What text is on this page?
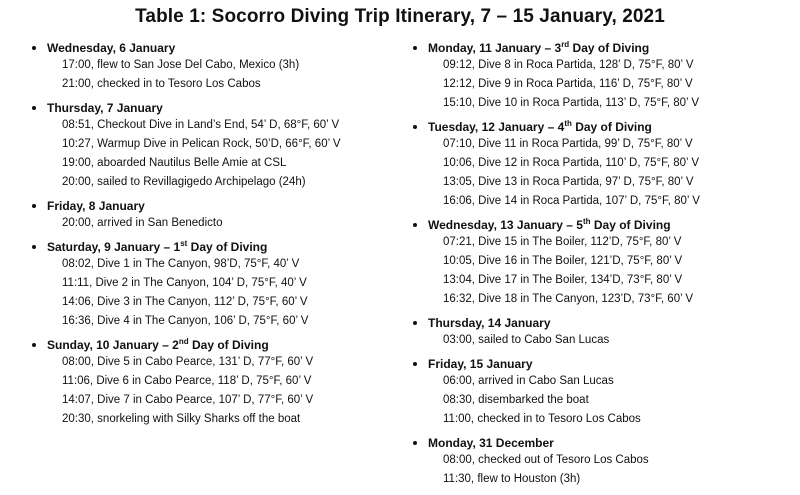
Table 1: Socorro Diving Trip Itinerary, 7 – 15 January, 2021
Wednesday, 6 January
17:00, flew to San Jose Del Cabo, Mexico (3h)
21:00, checked in to Tesoro Los Cabos
Thursday, 7 January
08:51, Checkout Dive in Land’s End, 54’ D, 68°F, 60’ V
10:27, Warmup Dive in Pelican Rock, 50’D, 66°F, 60’ V
19:00, aboarded Nautilus Belle Amie at CSL
20:00, sailed to Revillagigedo Archipelago (24h)
Friday, 8 January
20:00, arrived in San Benedicto
Saturday, 9 January – 1st Day of Diving
08:02, Dive 1 in The Canyon, 98’D, 75°F, 40’ V
11:11, Dive 2 in The Canyon, 104’ D, 75°F, 40’ V
14:06, Dive 3 in The Canyon, 112’ D, 75°F, 60’ V
16:36, Dive 4 in The Canyon, 106’ D, 75°F, 60’ V
Sunday, 10 January – 2nd Day of Diving
08:00, Dive 5 in Cabo Pearce, 131’ D, 77°F, 60’ V
11:06, Dive 6 in Cabo Pearce, 118’ D, 75°F, 60’ V
14:07, Dive 7 in Cabo Pearce, 107’ D, 77°F, 60’ V
20:30, snorkeling with Silky Sharks off the boat
Monday, 11 January – 3rd Day of Diving
09:12, Dive 8 in Roca Partida, 128’ D, 75°F, 80’ V
12:12, Dive 9 in Roca Partida, 116’ D, 75°F, 80’ V
15:10, Dive 10 in Roca Partida, 113’ D, 75°F, 80’ V
Tuesday, 12 January – 4th Day of Diving
07:10, Dive 11 in Roca Partida, 99’ D, 75°F, 80’ V
10:06, Dive 12 in Roca Partida, 110’ D, 75°F, 80’ V
13:05, Dive 13 in Roca Partida, 97’ D, 75°F, 80’ V
16:06, Dive 14 in Roca Partida, 107’ D, 75°F, 80’ V
Wednesday, 13 January – 5th Day of Diving
07:21, Dive 15 in The Boiler, 112’D, 75°F, 80’ V
10:05, Dive 16 in The Boiler, 121’D, 75°F, 80’ V
13:04, Dive 17 in The Boiler, 134’D, 73°F, 80’ V
16:32, Dive 18 in The Canyon, 123’D, 73°F, 60’ V
Thursday, 14 January
03:00, sailed to Cabo San Lucas
Friday, 15 January
06:00, arrived in Cabo San Lucas
08:30, disembarked the boat
11:00, checked in to Tesoro Los Cabos
Monday, 31 December
08:00, checked out of Tesoro Los Cabos
11:30, flew to Houston (3h)
